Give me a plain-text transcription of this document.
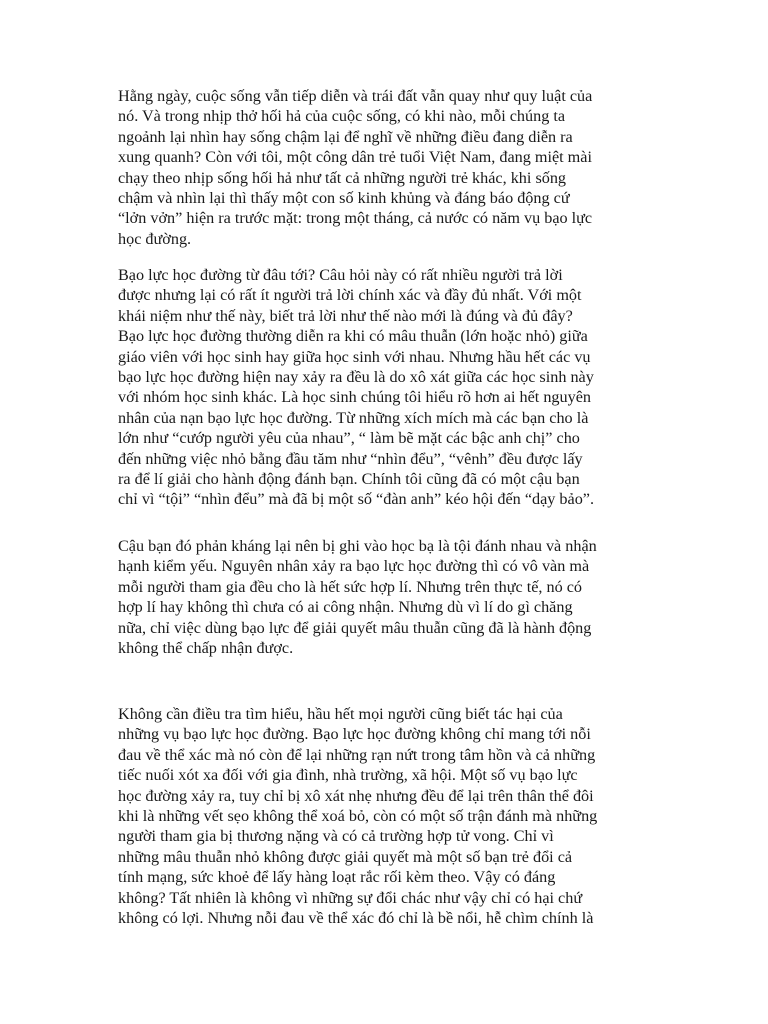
Hằng ngày, cuộc sống vẫn tiếp diễn và trái đất vẫn quay như quy luật của
nó. Và trong nhịp thở hối hả của cuộc sống, có khi nào, mỗi chúng ta
ngoảnh lại nhìn hay sống chậm lại để nghĩ về những điều đang diễn ra
xung quanh? Còn với tôi, một công dân trẻ tuổi Việt Nam, đang miệt mài
chạy theo nhịp sống hối hả như tất cả những người trẻ khác, khi sống
chậm và nhìn lại thì thấy một con số kinh khủng và đáng báo động cứ
“lởn vởn” hiện ra trước mặt: trong một tháng, cả nước có năm vụ bạo lực
học đường.

Bạo lực học đường từ đâu tới? Câu hỏi này có rất nhiều người trả lời
được nhưng lại có rất ít người trả lời chính xác và đầy đủ nhất. Với một
khái niệm như thế này, biết trả lời như thế nào mới là đúng và đủ đây?
Bạo lực học đường thường diễn ra khi có mâu thuẫn (lớn hoặc nhỏ) giữa
giáo viên với học sinh hay giữa học sinh với nhau. Nhưng hầu hết các vụ
bạo lực học đường hiện nay xảy ra đều là do xô xát giữa các học sinh này
với nhóm học sinh khác. Là học sinh chúng tôi hiểu rõ hơn ai hết nguyên
nhân của nạn bạo lực học đường. Từ những xích mích mà các bạn cho là
lớn như “cướp người yêu của nhau”, “ làm bẽ mặt các bậc anh chị” cho
đến những việc nhỏ bằng đầu tăm như “nhìn đểu”, “vênh” đều được lấy
ra để lí giải cho hành động đánh bạn. Chính tôi cũng đã có một cậu bạn
chỉ vì “tội” “nhìn đểu” mà đã bị một số “đàn anh” kéo hội đến “dạy bảo”.

Cậu bạn đó phản kháng lại nên bị ghi vào học bạ là tội đánh nhau và nhận
hạnh kiểm yếu. Nguyên nhân xảy ra bạo lực học đường thì có vô vàn mà
mỗi người tham gia đều cho là hết sức hợp lí. Nhưng trên thực tế, nó có
hợp lí hay không thì chưa có ai công nhận. Nhưng dù vì lí do gì chăng
nữa, chỉ việc dùng bạo lực để giải quyết mâu thuẫn cũng đã là hành động
không thể chấp nhận được.

Không cần điều tra tìm hiểu, hầu hết mọi người cũng biết tác hại của
những vụ bạo lực học đường. Bạo lực học đường không chỉ mang tới nỗi
đau về thể xác mà nó còn để lại những rạn nứt trong tâm hồn và cả những
tiếc nuối xót xa đối với gia đình, nhà trường, xã hội. Một số vụ bạo lực
học đường xảy ra, tuy chỉ bị xô xát nhẹ nhưng đều để lại trên thân thể đôi
khi là những vết sẹo không thể xoá bỏ, còn có một số trận đánh mà những
người tham gia bị thương nặng và có cả trường hợp tử vong. Chỉ vì
những mâu thuẫn nhỏ không được giải quyết mà một số bạn trẻ đổi cả
tính mạng, sức khoẻ để lấy hàng loạt rắc rối kèm theo. Vậy có đáng
không? Tất nhiên là không vì những sự đổi chác như vậy chỉ có hại chứ
không có lợi. Nhưng nỗi đau về thể xác đó chỉ là bề nổi, hễ chìm chính là
